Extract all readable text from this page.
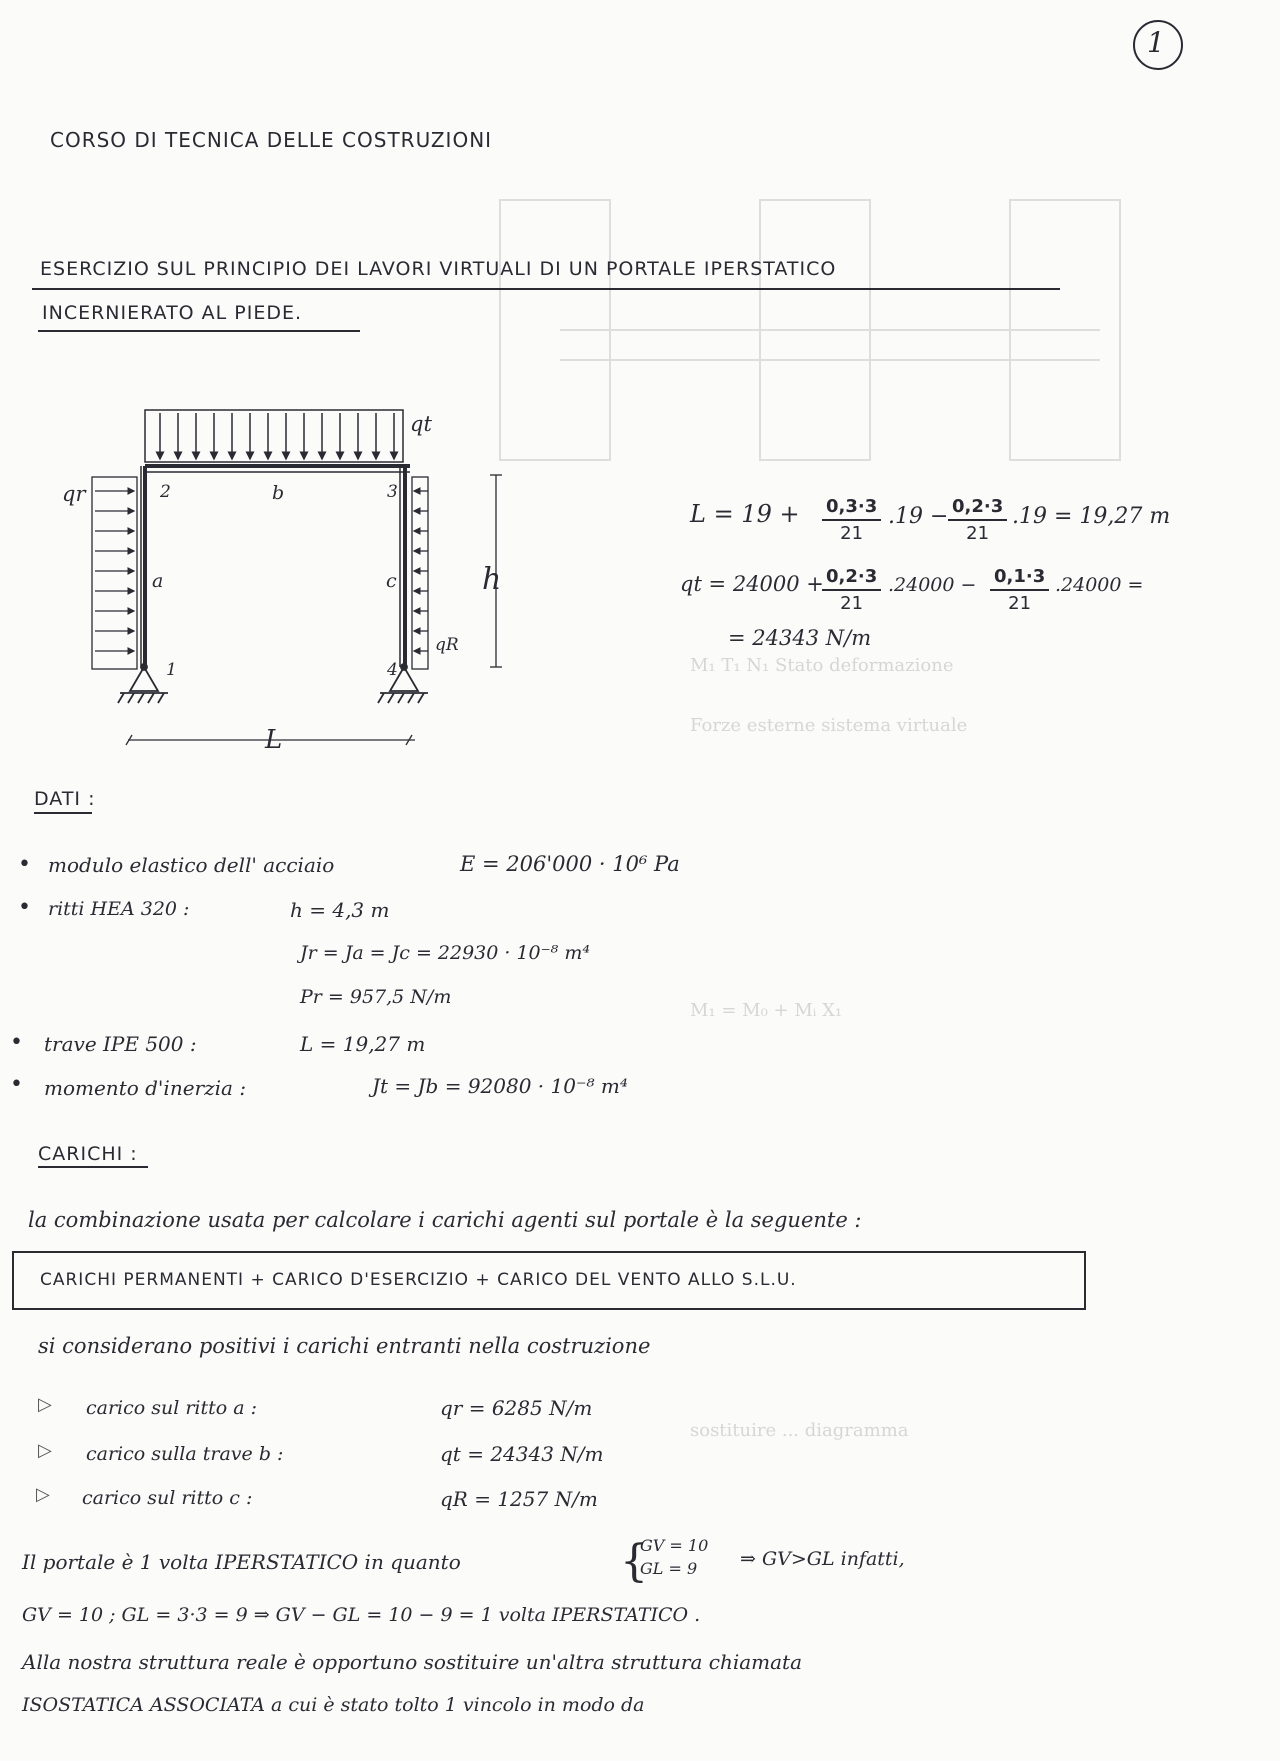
M₁ T₁ N₁ Stato deformazione
Forze esterne sistema virtuale
M₁ = M₀ + Mᵢ X₁
sostituire ... diagramma
1
CORSO DI TECNICA DELLE COSTRUZIONI
ESERCIZIO SUL PRINCIPIO DEI LAVORI VIRTUALI DI UN PORTALE IPERSTATICO
INCERNIERATO AL PIEDE.
qt
qr
qR
2	3
1	4
b
a	c	h
L
$L = 19 + \frac{0,3\cdot 3}{21} .19 - \frac{0,2\cdot 3}{21} .19 = 19,27$ m
qt = 24000 +
$\frac{0,2\cdot 3}{21} .24000 - \frac{0,1\cdot 3}{21} .24000$ =
= 24343 N/m
DATI :
• modulo elastico dell' acciaio	E = 206'000 · 10⁶ Pa
• ritti HEA 320 :	h = 4,3 m
Jr = Ja = Jc = 22930 · 10⁻⁸ m⁴
Pr = 957,5 N/m
• trave IPE 500 :	L = 19,27 m
• momento d'inerzia :	Jt = Jb = 92080 · 10⁻⁸ m⁴
CARICHI :
la combinazione usata per calcolare i carichi agenti sul portale è la seguente :
CARICHI PERMANENTI + CARICO D'ESERCIZIO + CARICO DEL VENTO ALLO S.L.U.
si considerano positivi i carichi entranti nella costruzione
▷ carico sul ritto a :	qr = 6285 N/m
▷ carico sulla trave b :	qt = 24343 N/m
▷ carico sul ritto c :	qR = 1257 N/m
Il portale è 1 volta IPERSTATICO in quanto	{
GV = 10
GL = 9 ⇒ GV>GL infatti,
GV = 10 ; GL = 3·3 = 9 ⇒ GV − GL = 10 − 9 = 1 volta IPERSTATICO .
Alla nostra struttura reale è opportuno sostituire un'altra struttura chiamata
ISOSTATICA ASSOCIATA a cui è stato tolto 1 vincolo in modo da
